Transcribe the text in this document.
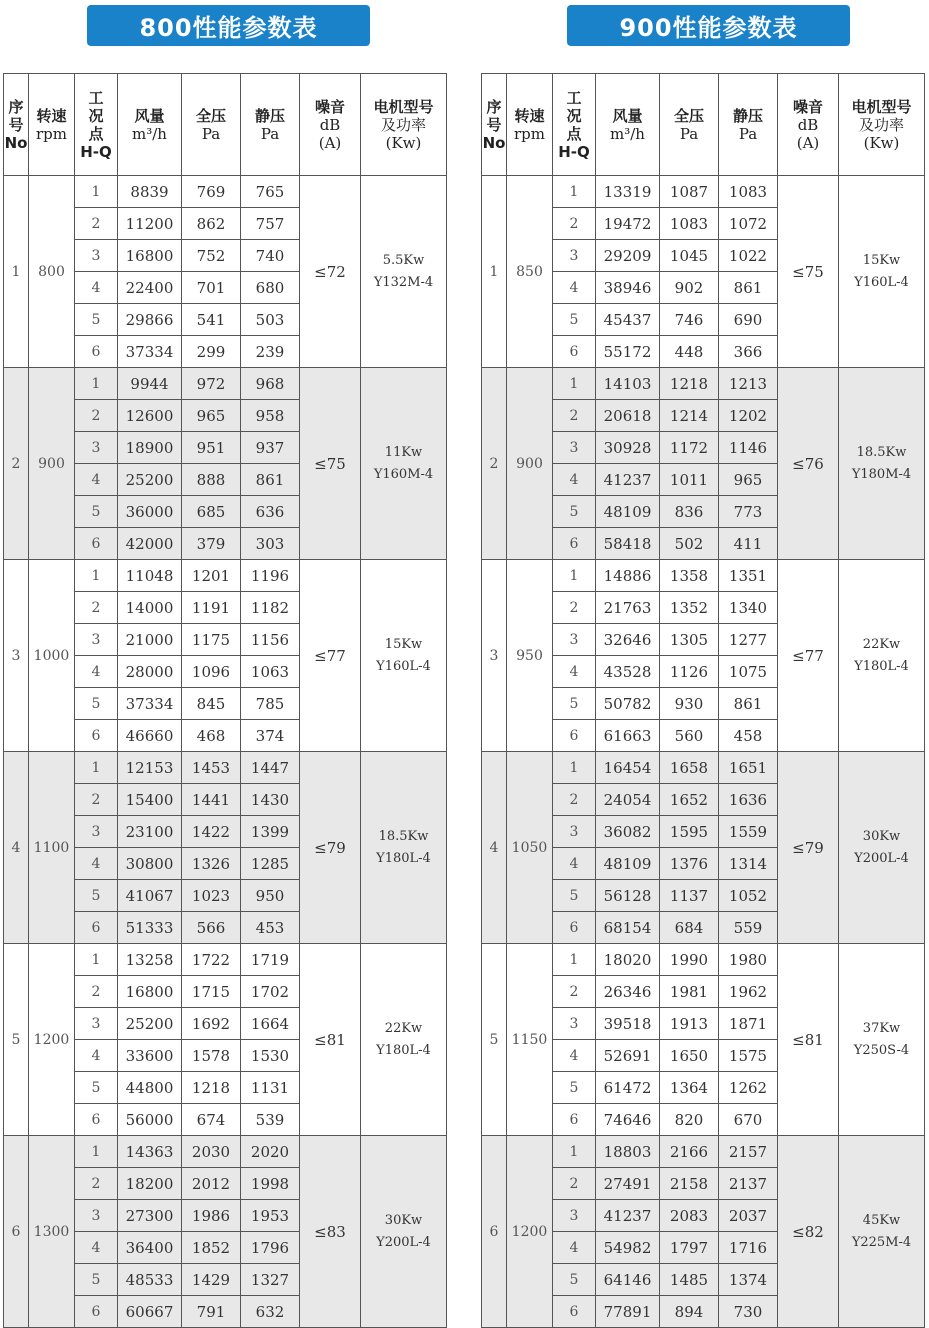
800性能参数表	900性能参数表
序
号
No	转速
rpm	工
况
点
H-Q	风量
m³/h	全压
Pa	静压
Pa	噪音
dB
(A)	电机型号
及功率
(Kw)
1	800	1	8839	769	765	≤72	5.5Kw
Y132M-4
		2	11200	862	757		
		3	16800	752	740		
		4	22400	701	680		
		5	29866	541	503		
		6	37334	299	239		
2	900	1	9944	972	968	≤75	11Kw
Y160M-4
		2	12600	965	958		
		3	18900	951	937		
		4	25200	888	861		
		5	36000	685	636		
		6	42000	379	303		
3	1000	1	11048	1201	1196	≤77	15Kw
Y160L-4
		2	14000	1191	1182		
		3	21000	1175	1156		
		4	28000	1096	1063		
		5	37334	845	785		
		6	46660	468	374		
4	1100	1	12153	1453	1447	≤79	18.5Kw
Y180L-4
		2	15400	1441	1430		
		3	23100	1422	1399		
		4	30800	1326	1285		
		5	41067	1023	950		
		6	51333	566	453		
5	1200	1	13258	1722	1719	≤81	22Kw
Y180L-4
		2	16800	1715	1702		
		3	25200	1692	1664		
		4	33600	1578	1530		
		5	44800	1218	1131		
		6	56000	674	539		
6	1300	1	14363	2030	2020	≤83	30Kw
Y200L-4
		2	18200	2012	1998		
		3	27300	1986	1953		
		4	36400	1852	1796		
		5	48533	1429	1327		
		6	60667	791	632		
序
号
No	转速
rpm	工
况
点
H-Q	风量
m³/h	全压
Pa	静压
Pa	噪音
dB
(A)	电机型号
及功率
(Kw)
1	850	1	13319	1087	1083	≤75	15Kw
Y160L-4
		2	19472	1083	1072		
		3	29209	1045	1022		
		4	38946	902	861		
		5	45437	746	690		
		6	55172	448	366		
2	900	1	14103	1218	1213	≤76	18.5Kw
Y180M-4
		2	20618	1214	1202		
		3	30928	1172	1146		
		4	41237	1011	965		
		5	48109	836	773		
		6	58418	502	411		
3	950	1	14886	1358	1351	≤77	22Kw
Y180L-4
		2	21763	1352	1340		
		3	32646	1305	1277		
		4	43528	1126	1075		
		5	50782	930	861		
		6	61663	560	458		
4	1050	1	16454	1658	1651	≤79	30Kw
Y200L-4
		2	24054	1652	1636		
		3	36082	1595	1559		
		4	48109	1376	1314		
		5	56128	1137	1052		
		6	68154	684	559		
5	1150	1	18020	1990	1980	≤81	37Kw
Y250S-4
		2	26346	1981	1962		
		3	39518	1913	1871		
		4	52691	1650	1575		
		5	61472	1364	1262		
		6	74646	820	670		
6	1200	1	18803	2166	2157	≤82	45Kw
Y225M-4
		2	27491	2158	2137		
		3	41237	2083	2037		
		4	54982	1797	1716		
		5	64146	1485	1374		
		6	77891	894	730		
